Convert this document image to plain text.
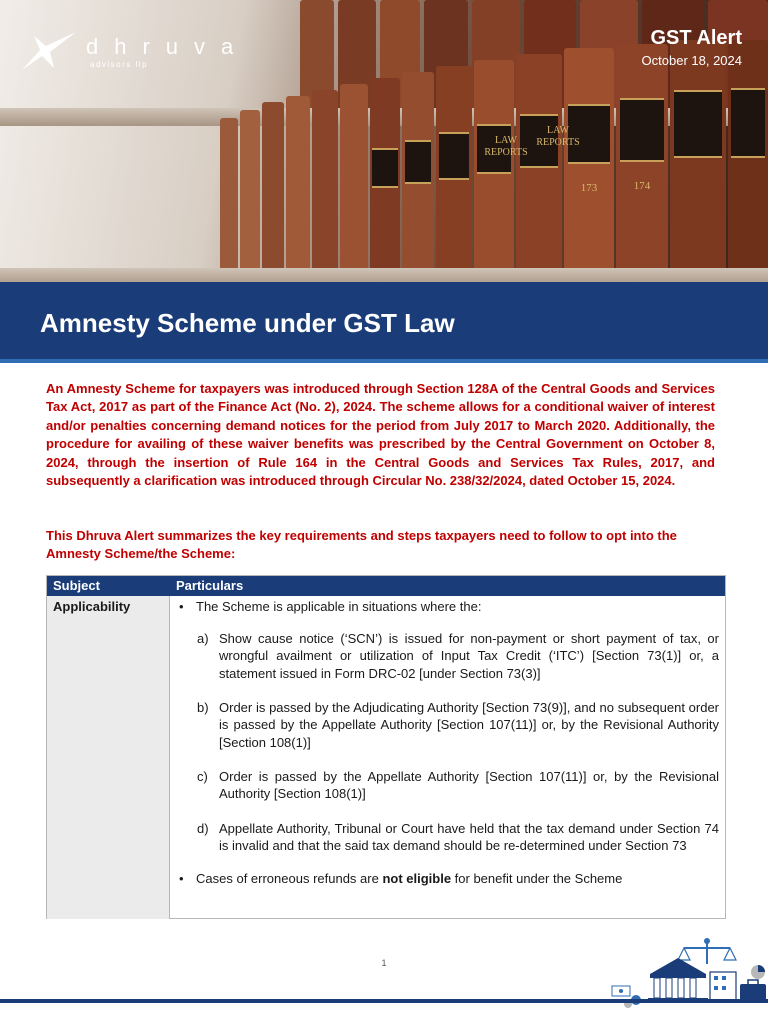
173	174
LAW
REPORTS
LAW
REPORTS
dhruva
advisors llp
GST Alert
October 18, 2024
Amnesty Scheme under GST Law
An Amnesty Scheme for taxpayers was introduced through Section 128A of the Central Goods and Services Tax Act, 2017 as part of the Finance Act (No. 2), 2024. The scheme allows for a conditional waiver of interest and/or penalties concerning demand notices for the period from July 2017 to March 2020. Additionally, the procedure for availing of these waiver benefits was prescribed by the Central Government on October 8, 2024, through the insertion of Rule 164 in the Central Goods and Services Tax Rules, 2017, and subsequently a clarification was introduced through Circular No. 238/32/2024, dated October 15, 2024.
This Dhruva Alert summarizes the key requirements and steps taxpayers need to follow to opt into the Amnesty Scheme/the Scheme:
Subject	Particulars
Applicability	• The Scheme is applicable in situations where the:
a) Show cause notice (‘SCN’) is issued for non-payment or short payment of tax, or wrongful availment or utilization of Input Tax Credit (‘ITC’) [Section 73(1)] or, a statement issued in Form DRC-02 [under Section 73(3)]
b) Order is passed by the Adjudicating Authority [Section 73(9)], and no subsequent order is passed by the Appellate Authority [Section 107(11)] or, by the Revisional Authority [Section 108(1)]
c) Order is passed by the Appellate Authority [Section 107(11)] or, by the Revisional Authority [Section 108(1)]
d) Appellate Authority, Tribunal or Court have held that the tax demand under Section 74 is invalid and that the said tax demand should be re-determined under Section 73
• Cases of erroneous refunds are not eligible for benefit under the Scheme
1
